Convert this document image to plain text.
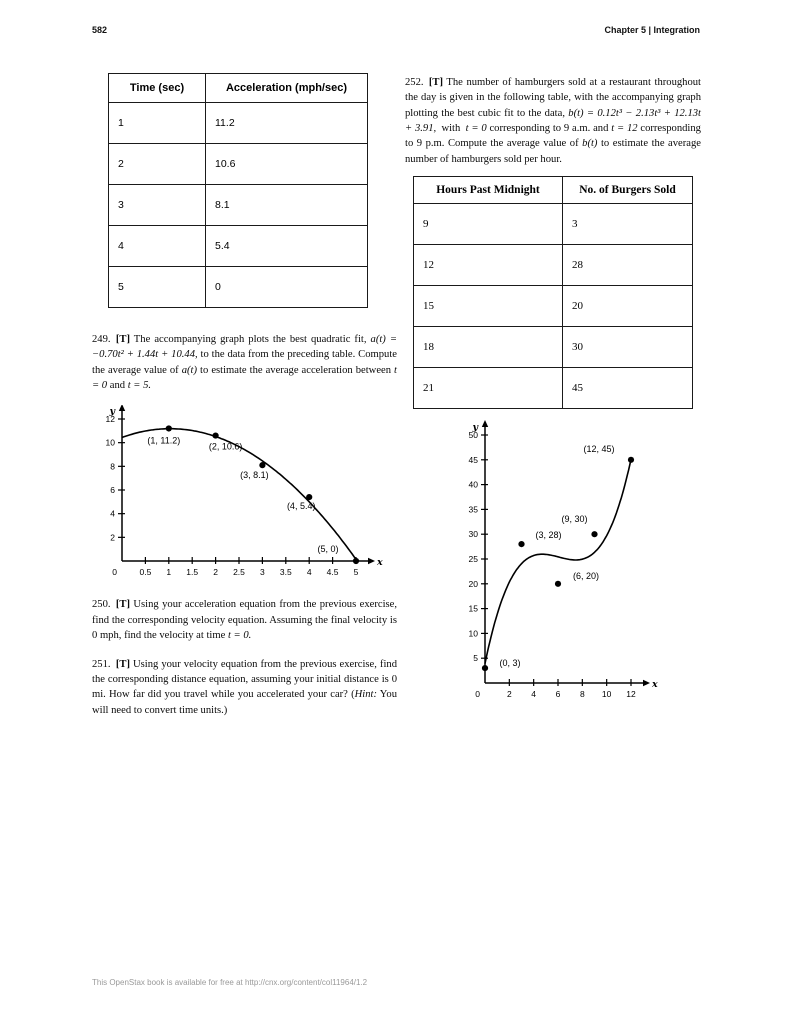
582	Chapter 5 | Integration
Time (sec)	Acceleration (mph/sec)
1	11.2
2	10.6
3	8.1
4	5.4
5	0

249. [T] The accompanying graph plots the best quadratic fit, a(t) = −0.70t² + 1.44t + 10.44, to the data from the preceding table. Compute the average value of a(t) to estimate the average acceleration between t = 0 and t = 5.

0.5 1 1.5 2 2.5 3 3.5 4 4.5 5
2
4
6
8
10
12
0
y
x
(1, 11.2)
(2, 10.6)
(3, 8.1)
(4, 5.4)
(5, 0)

250. [T] Using your acceleration equation from the previous exercise, find the corresponding velocity equation. Assuming the final velocity is 0 mph, find the velocity at time t = 0.

251. [T] Using your velocity equation from the previous exercise, find the corresponding distance equation, assuming your initial distance is 0 mi. How far did you travel while you accelerated your car? (Hint: You will need to convert time units.)

252. [T] The number of hamburgers sold at a restaurant throughout the day is given in the following table, with the accompanying graph plotting the best cubic fit to the data, b(t) = 0.12t³ − 2.13t³ + 12.13t + 3.91, with t = 0 corresponding to 9 a.m. and t = 12 corresponding to 9 p.m. Compute the average value of b(t) to estimate the average number of hamburgers sold per hour.

Hours Past Midnight	No. of Burgers Sold
9	3
12	28
15	20
18	30
21	45
2 4 6 8 10 12
5
10
15
20
25
30
35
40
45
50
0
y
x
(0, 3)
(3, 28)
(6, 20)
(9, 30)
(12, 45)
This OpenStax book is available for free at http://cnx.org/content/col11964/1.2
